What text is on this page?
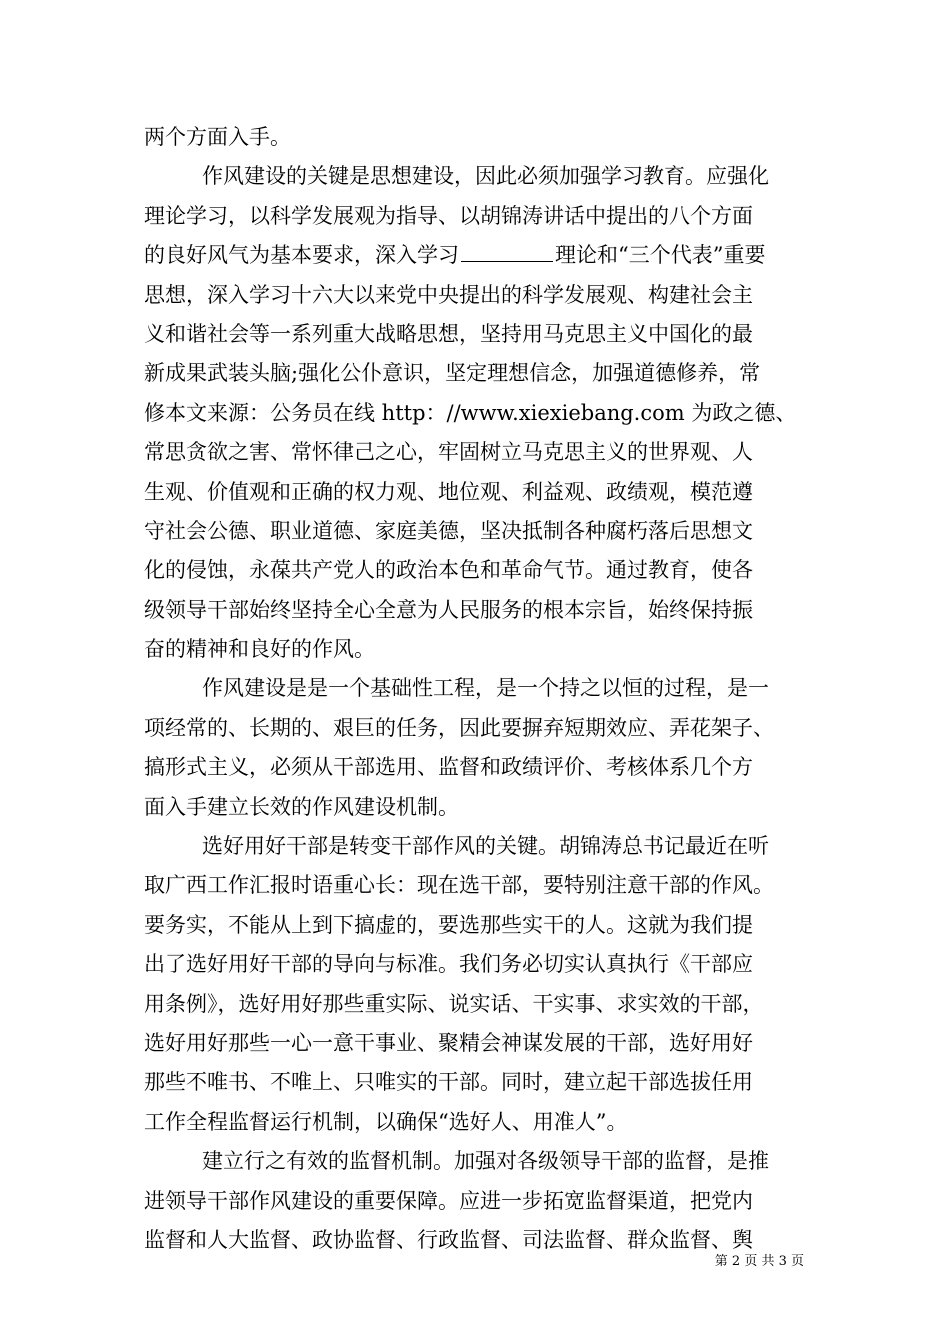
两个方面入手。
作风建设的关键是思想建设，因此必须加强学习教育。应强化
理论学习，以科学发展观为指导、以胡锦涛讲话中提出的八个方面
的良好风气为基本要求，深入学习	理论和“三个代表”重要
思想，深入学习十六大以来党中央提出的科学发展观、构建社会主
义和谐社会等一系列重大战略思想，坚持用马克思主义中国化的最
新成果武装头脑;强化公仆意识，坚定理想信念，加强道德修养，常
修本文来源：公务员在线 http：//www.xiexiebang.com 为政之德、
常思贪欲之害、常怀律己之心，牢固树立马克思主义的世界观、人
生观、价值观和正确的权力观、地位观、利益观、政绩观，模范遵
守社会公德、职业道德、家庭美德，坚决抵制各种腐朽落后思想文
化的侵蚀，永葆共产党人的政治本色和革命气节。通过教育，使各
级领导干部始终坚持全心全意为人民服务的根本宗旨，始终保持振
奋的精神和良好的作风。
作风建设是是一个基础性工程，是一个持之以恒的过程，是一
项经常的、长期的、艰巨的任务，因此要摒弃短期效应、弄花架子、
搞形式主义，必须从干部选用、监督和政绩评价、考核体系几个方
面入手建立长效的作风建设机制。
选好用好干部是转变干部作风的关键。胡锦涛总书记最近在听
取广西工作汇报时语重心长：现在选干部，要特别注意干部的作风。
要务实，不能从上到下搞虚的，要选那些实干的人。这就为我们提
出了选好用好干部的导向与标准。我们务必切实认真执行《干部应
用条例》，选好用好那些重实际、说实话、干实事、求实效的干部，
选好用好那些一心一意干事业、聚精会神谋发展的干部，选好用好
那些不唯书、不唯上、只唯实的干部。同时，建立起干部选拔任用
工作全程监督运行机制，以确保“选好人、用准人”。
建立行之有效的监督机制。加强对各级领导干部的监督，是推
进领导干部作风建设的重要保障。应进一步拓宽监督渠道，把党内
监督和人大监督、政协监督、行政监督、司法监督、群众监督、舆
第 2 页 共 3 页
